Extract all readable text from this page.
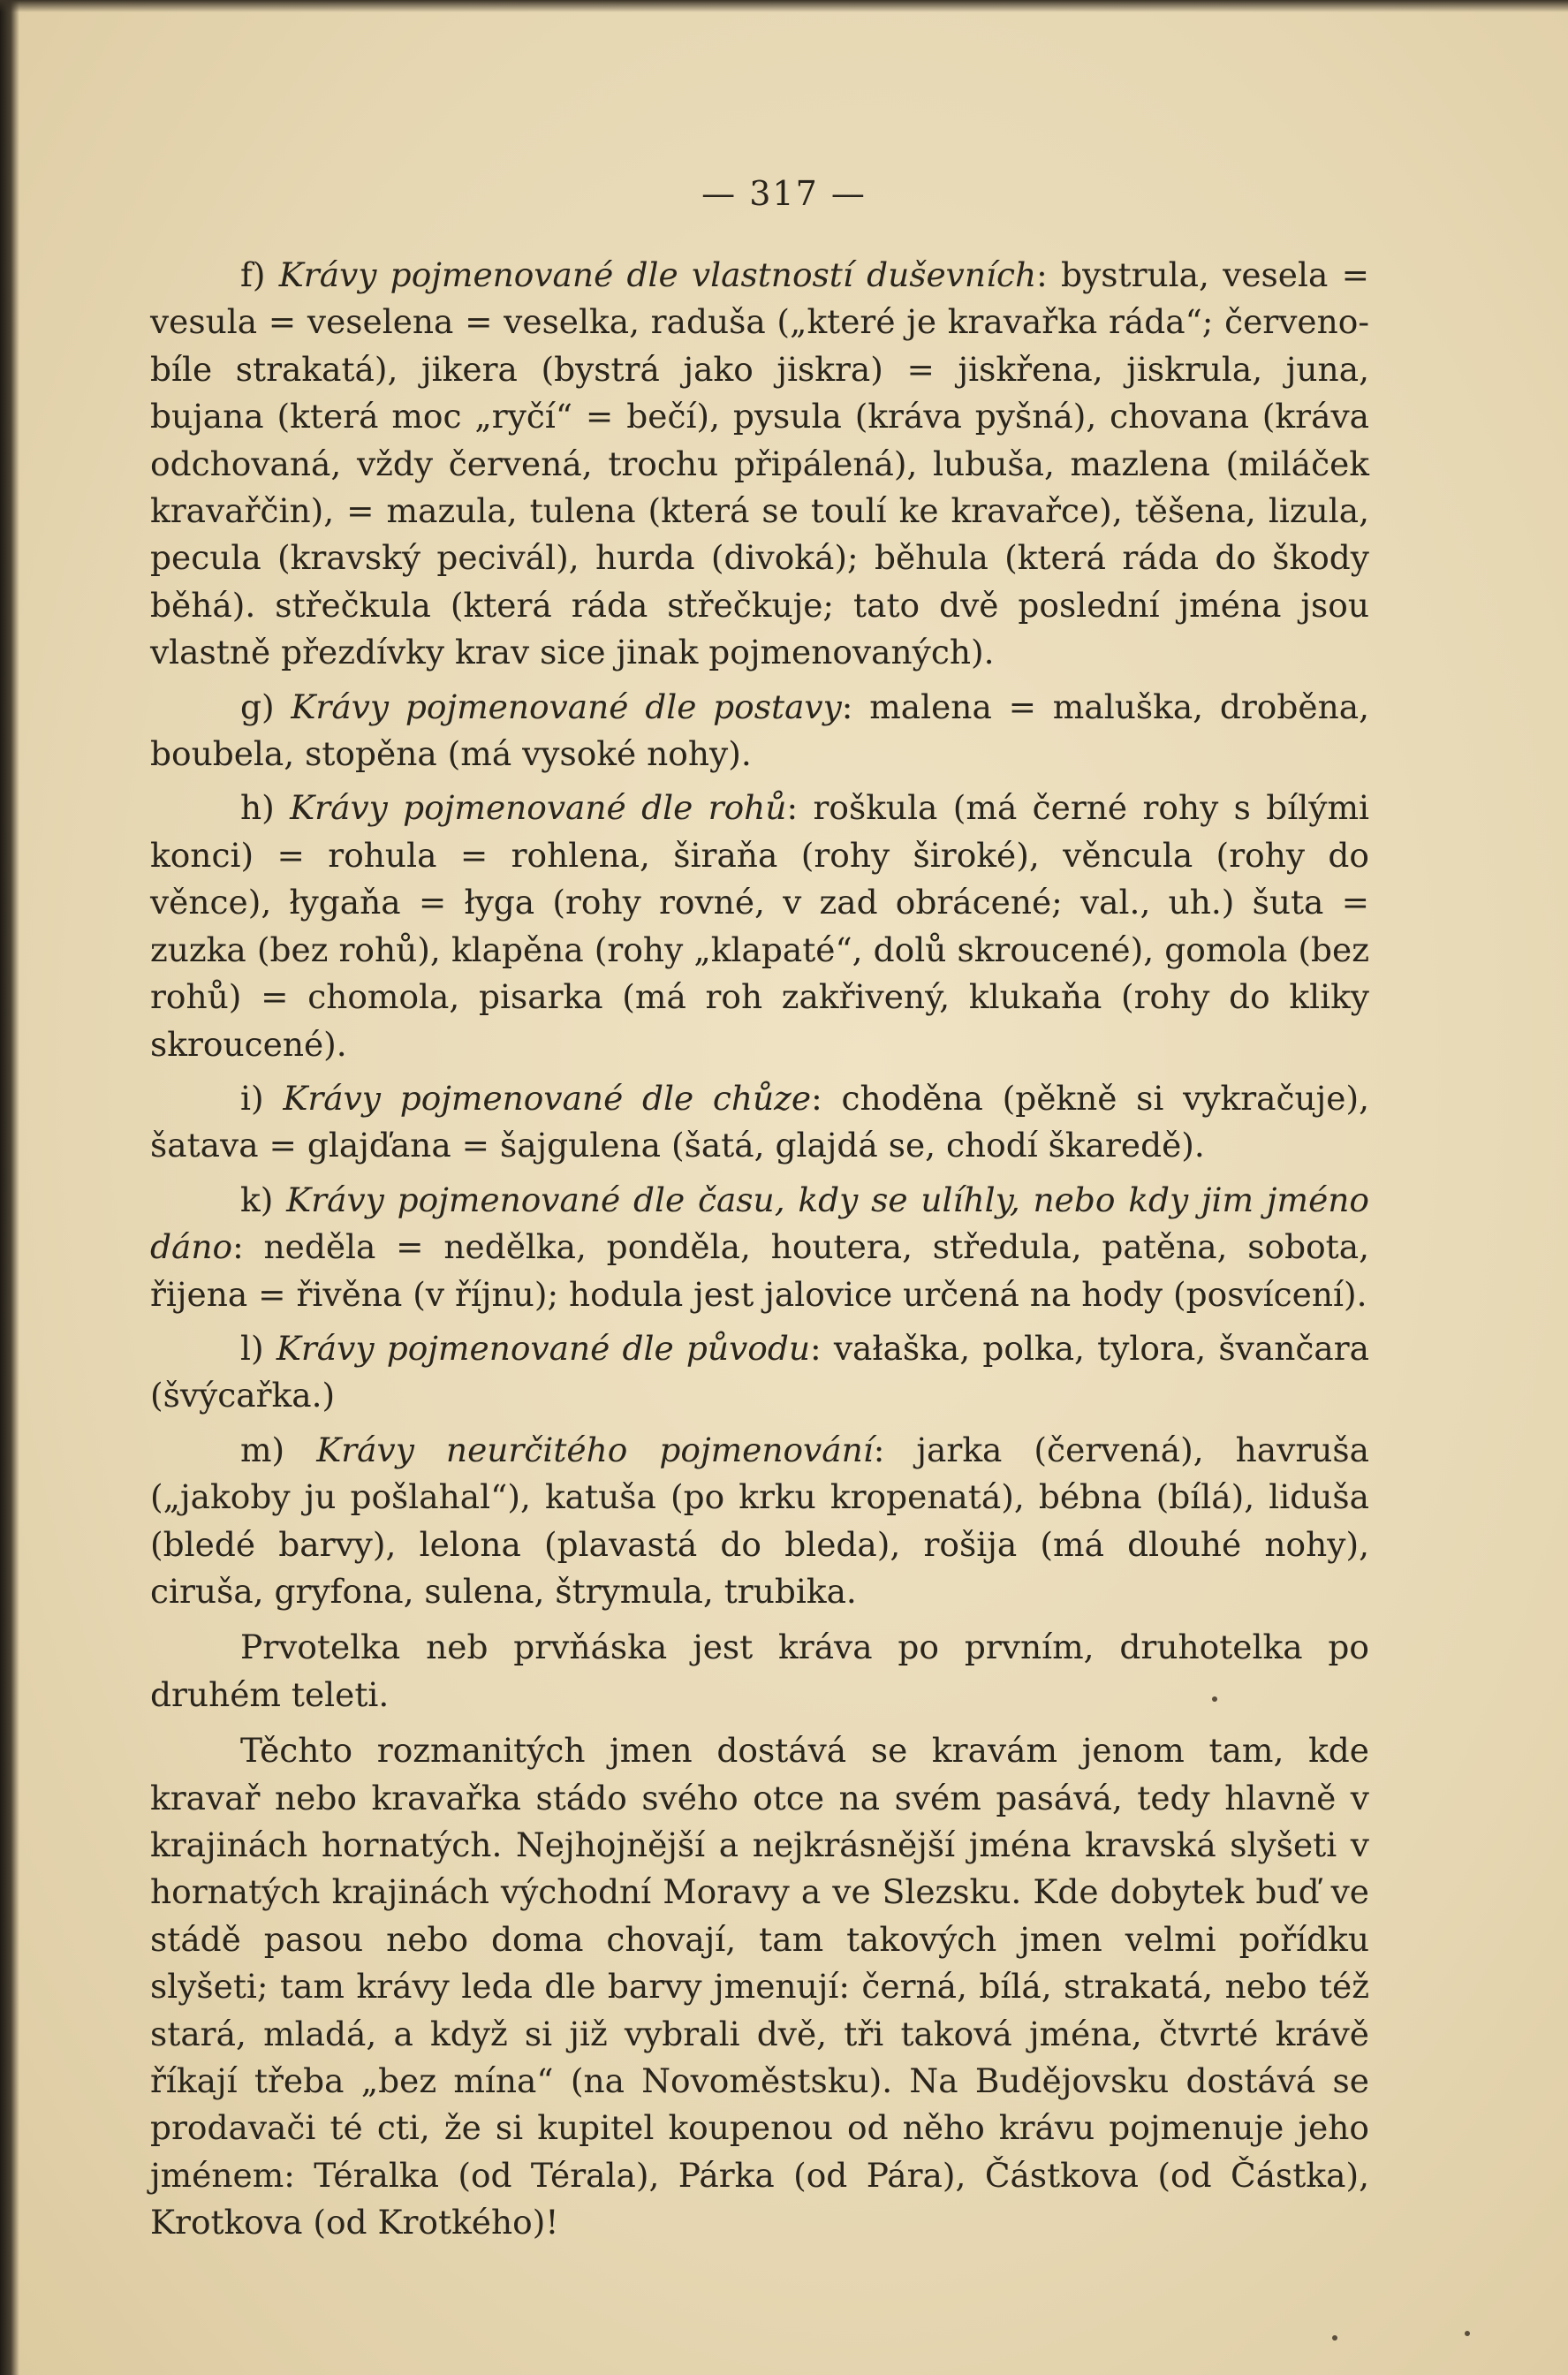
— 317 —

f) Krávy pojmenované dle vlastností duševních: bystrula, vesela = vesula = veselena = veselka, raduša („které je kravařka ráda“; červeno-bíle strakatá), jikera (bystrá jako jiskra) = jiskřena, jiskrula, juna, bujana (která moc „ryčí“ = bečí), pysula (kráva pyšná), chovana (kráva odchovaná, vždy červená, trochu připálená), lubuša, mazlena (miláček kravařčin), = mazula, tulena (která se toulí ke kravařce), těšena, lizula, pecula (kravský pecivál), hurda (divoká); běhula (která ráda do škody běhá). střečkula (která ráda střečkuje; tato dvě poslední jména jsou vlastně přezdívky krav sice jinak pojmenovaných).

g) Krávy pojmenované dle postavy: malena = maluška, droběna, boubela, stopěna (má vysoké nohy).

h) Krávy pojmenované dle rohů: roškula (má černé rohy s bílými konci) = rohula = rohlena, širaňa (rohy široké), věncula (rohy do věnce), łygaňa = łyga (rohy rovné, v zad obrácené; val., uh.) šuta = zuzka (bez rohů), klapěna (rohy „klapaté“, dolů skroucené), gomola (bez rohů) = chomola, pisarka (má roh zakřivený, klukaňa (rohy do kliky skroucené).

i) Krávy pojmenované dle chůze: choděna (pěkně si vykračuje), šatava = glajďana = šajgulena (šatá, glajdá se, chodí škaredě).

k) Krávy pojmenované dle času, kdy se ulíhly, nebo kdy jim jméno dáno: neděla = nedělka, ponděla, houtera, středula, patěna, sobota, řijena = řivěna (v říjnu); hodula jest jalovice určená na hody (posvícení).

l) Krávy pojmenované dle původu: vałaška, polka, tylora, švančara (švýcařka.)

m) Krávy neurčitého pojmenování: jarka (červená), havruša („jakoby ju pošlahal“), katuša (po krku kropenatá), bébna (bílá), liduša (bledé barvy), lelona (plavastá do bleda), rošija (má dlouhé nohy), ciruša, gryfona, sulena, štrymula, trubika.

Prvotelka neb prvňáska jest kráva po prvním, druhotelka po druhém teleti.

Těchto rozmanitých jmen dostává se kravám jenom tam, kde kravař nebo kravařka stádo svého otce na svém pasává, tedy hlavně v krajinách hornatých. Nejhojnější a nejkrásnější jména kravská slyšeti v hornatých krajinách východní Moravy a ve Slezsku. Kde dobytek buď ve stádě pasou nebo doma chovají, tam takových jmen velmi pořídku slyšeti; tam krávy leda dle barvy jmenují: černá, bílá, strakatá, nebo též stará, mladá, a když si již vybrali dvě, tři taková jména, čtvrté krávě říkají třeba „bez mína“ (na Novoměstsku). Na Budějovsku dostává se prodavači té cti, že si kupitel koupenou od něho krávu pojmenuje jeho jménem: Téralka (od Térala), Párka (od Pára), Částkova (od Částka), Krotkova (od Krotkého)!
